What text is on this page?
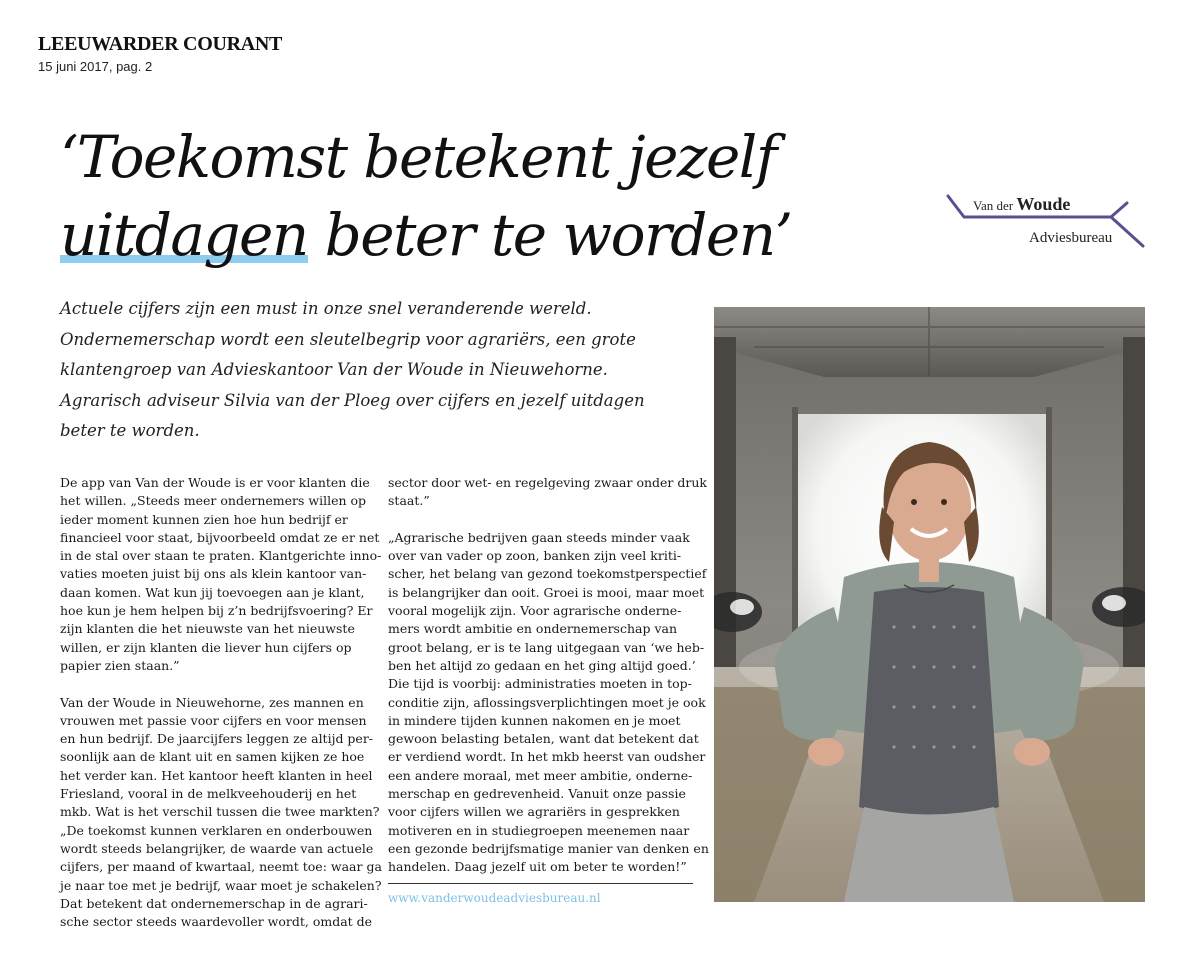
LEEUWARDER COURANT
15 juni 2017, pag. 2
‘Toekomst betekent jezelf
uitdagen beter te worden’	Van der Woude
Adviesbureau

Actuele cijfers zijn een must in onze snel veranderende wereld.
Ondernemerschap wordt een sleutelbegrip voor agrariërs, een grote
klantengroep van Advieskantoor Van der Woude in Nieuwehorne.
Agrarisch adviseur Silvia van der Ploeg over cijfers en jezelf uitdagen
beter te worden.

De app van Van der Woude is er voor klanten die
het willen. „Steeds meer ondernemers willen op
ieder moment kunnen zien hoe hun bedrijf er
financieel voor staat, bijvoorbeeld omdat ze er net
in de stal over staan te praten. Klantgerichte inno-
vaties moeten juist bij ons als klein kantoor van-
daan komen. Wat kun jij toevoegen aan je klant,
hoe kun je hem helpen bij z’n bedrijfsvoering? Er
zijn klanten die het nieuwste van het nieuwste
willen, er zijn klanten die liever hun cijfers op
papier zien staan.”
Van der Woude in Nieuwehorne, zes mannen en
vrouwen met passie voor cijfers en voor mensen
en hun bedrijf. De jaarcijfers leggen ze altijd per-
soonlijk aan de klant uit en samen kijken ze hoe
het verder kan. Het kantoor heeft klanten in heel
Friesland, vooral in de melkveehouderij en het
mkb. Wat is het verschil tussen die twee markten?
„De toekomst kunnen verklaren en onderbouwen
wordt steeds belangrijker, de waarde van actuele
cijfers, per maand of kwartaal, neemt toe: waar ga
je naar toe met je bedrijf, waar moet je schakelen?
Dat betekent dat ondernemerschap in de agrari-
sche sector steeds waardevoller wordt, omdat de
sector door wet- en regelgeving zwaar onder druk
staat.”
„Agrarische bedrijven gaan steeds minder vaak
over van vader op zoon, banken zijn veel kriti-
scher, het belang van gezond toekomstperspectief
is belangrijker dan ooit. Groei is mooi, maar moet
vooral mogelijk zijn. Voor agrarische onderne-
mers wordt ambitie en ondernemerschap van
groot belang, er is te lang uitgegaan van ‘we heb-
ben het altijd zo gedaan en het ging altijd goed.’
Die tijd is voorbij: administraties moeten in top-
conditie zijn, aflossingsverplichtingen moet je ook
in mindere tijden kunnen nakomen en je moet
gewoon belasting betalen, want dat betekent dat
er verdiend wordt. In het mkb heerst van oudsher
een andere moraal, met meer ambitie, onderne-
merschap en gedrevenheid. Vanuit onze passie
voor cijfers willen we agrariërs in gesprekken
motiveren en in studiegroepen meenemen naar
een gezonde bedrijfsmatige manier van denken en
handelen. Daag jezelf uit om beter te worden!”
www.vanderwoudeadviesbureau.nl
